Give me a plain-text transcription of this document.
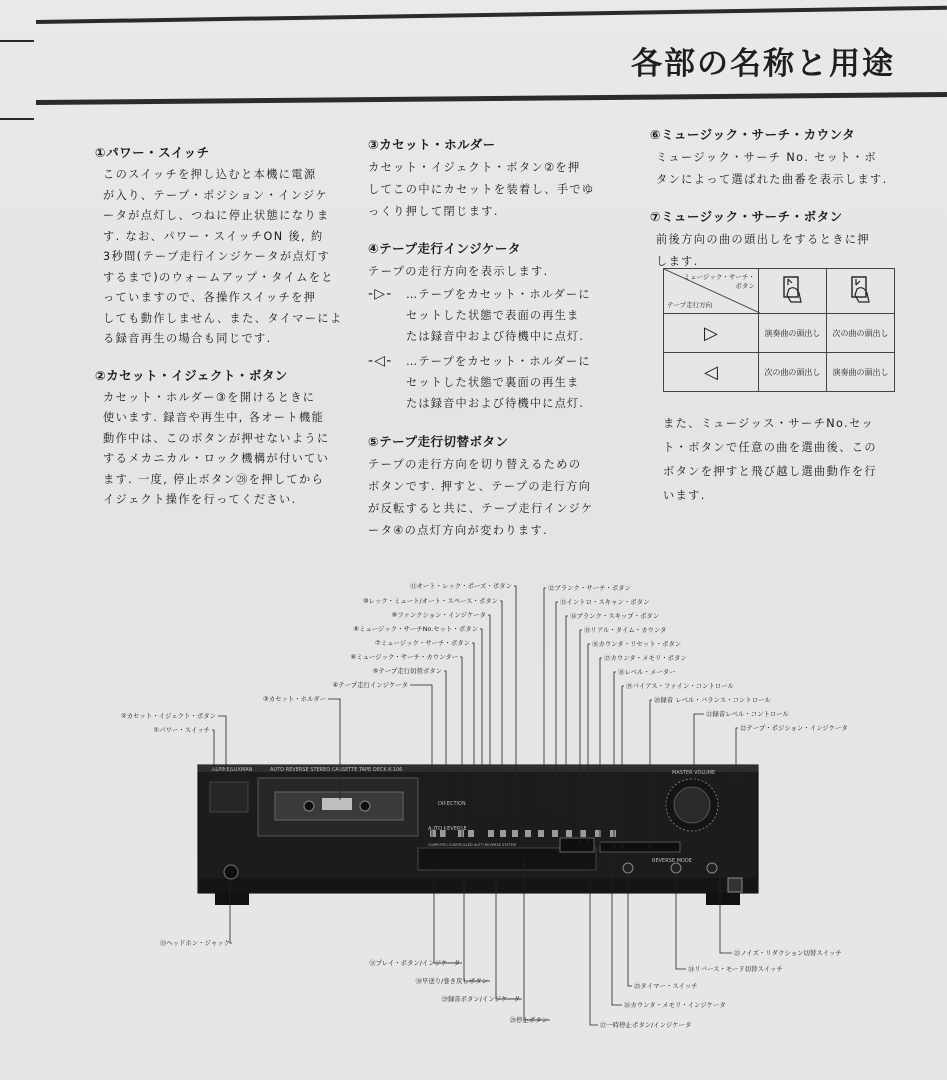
各部の名称と用途
①パワー・スイッチ
このスイッチを押し込むと本機に電源
が入り、テープ・ポジション・インジケ
ータが点灯し、つねに停止状態になりま
す. なお、パワー・スイッチON 後, 約
3秒間(テープ走行インジケータが点灯す
するまで)のウォームアップ・タイムをと
っていますので、各操作スイッチを押
しても動作しません、また、タイマーによ
る録音再生の場合も同じです.
②カセット・イジェクト・ボタン
カセット・ホルダー③を開けるときに
使います. 録音や再生中, 各オート機能
動作中は、このボタンが押せないように
するメカニカル・ロック機構が付いてい
ます. 一度, 停止ボタン㉘を押してから
イジェクト操作を行ってください.
③カセット・ホルダー
カセット・イジェクト・ボタン②を押
してこの中にカセットを装着し、手でゆ
っくり押して閉じます.
④テープ走行インジケータ
テープの走行方向を表示します.
-▷-	…テープをカセット・ホルダーに
セットした状態で表面の再生ま
たは録音中および待機中に点灯.
-◁-	…テープをカセット・ホルダーに
セットした状態で裏面の再生ま
たは録音中および待機中に点灯.
⑤テープ走行切替ボタン
テープの走行方向を切り替えるための
ボタンです. 押すと、テープの走行方向
が反転すると共に、テープ走行インジケ
ータ④の点灯方向が変わります.
⑥ミュージック・サーチ・カウンタ
ミュージック・サーチ No. セット・ボ
タンによって選ばれた曲番を表示します.
⑦ミュージック・サーチ・ボタン
前後方向の曲の頭出しをするときに押
します.
ミュージック・サーチ・
ボタン
テープ走行方向

▷	演奏曲の頭出し	次の曲の頭出し
◁	次の曲の頭出し	演奏曲の頭出し
また、ミュージッス・サーチNo.セッ
ト・ボタンで任意の曲を選曲後、この
ボタンを押すと飛び越し選曲動作を行
います.
ALPINE/LUXMAN	AUTO REVERSE STEREO CASSETTE TAPE DECK K-106
AUTO REVERSE
COMPUTER CONTROLLED AUTO REVERSE SYSTEM
DIRECTION
MASTER VOLUME
REVERSE MODE
⑪オート・レック・ポーズ・ボタン
⑩レック・ミュート/オート・スペース・ボタン
⑨ファンクション・インジケータ
⑧ミュージック・サーチNo.セット・ボタン
⑦ミュージック・サーチ・ボタン
⑥ミュージック・サーチ・カウンター
⑤テープ走行切替ボタン
④テープ走行インジケータ
③カセット・ホルダー
②カセット・イジェクト・ボタン
①パワー・スイッチ
⑫ブランク・サーチ・ボタン
⑬イントロ・スキャン・ボタン
⑭ブランク・スキップ・ボタン
⑮リアル・タイム・カウンタ
⑯カウンタ・リセット・ボタン
⑰カウンタ・メモリ・ボタン
⑱レベル・メーター
⑲バイアス・ファイン・コントロール
⑳録音 レベル・バランス・コントロール
㉑録音レベル・コントロール
㉒テープ・ポジション・インジケータ
㉝ヘッドホン・ジャック
㉛プレイ・ボタン/インジケータ
㉚早送り/巻き戻しボタン
㉙録音ボタン/インジケータ
㉘停止ボタン
㉗一時停止ボタン/インジケータ
㉖カウンタ・メモリ・インジケータ
㉕タイマー・スイッチ
㉔リバース・モード切替スイッチ
㉓ノイズ・リダクション切替スイッチ
